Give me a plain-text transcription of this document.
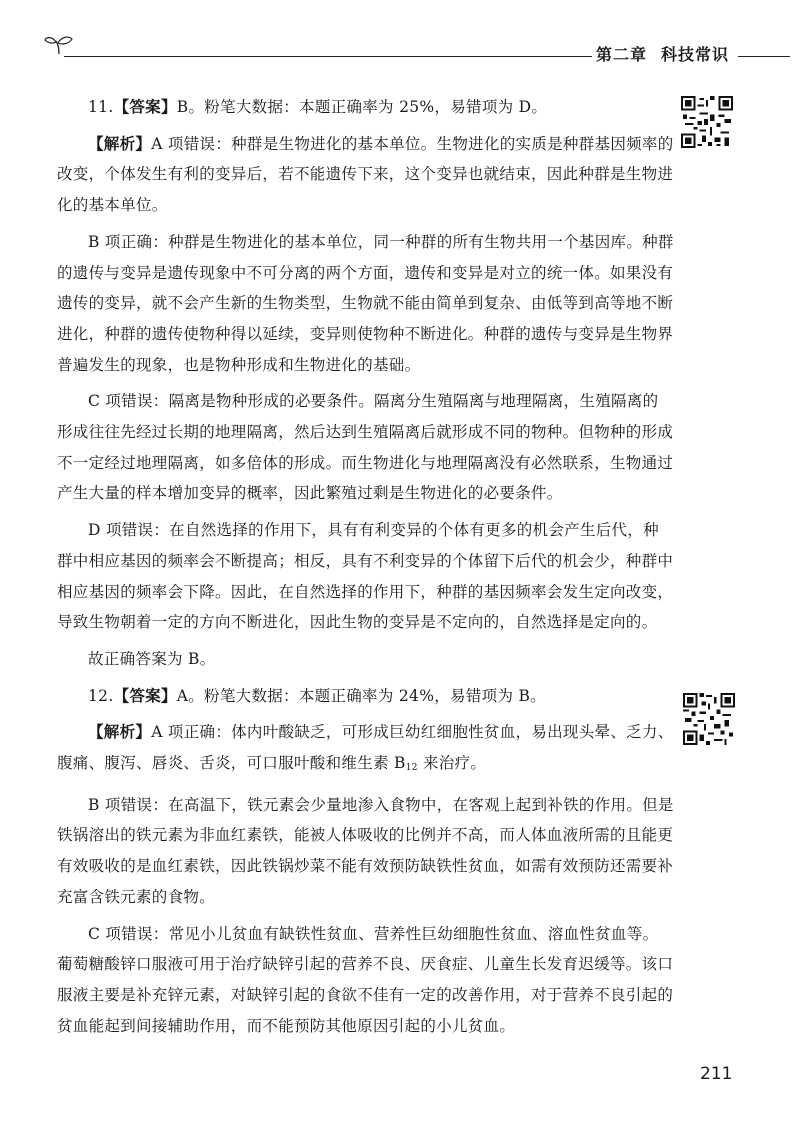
第二章 科技常识

11.【答案】B。粉笔大数据：本题正确率为 25%，易错项为 D。

【解析】A 项错误：种群是生物进化的基本单位。生物进化的实质是种群基因频率的改变，个体发生有利的变异后，若不能遗传下来，这个变异也就结束，因此种群是生物进化的基本单位。

B 项正确：种群是生物进化的基本单位，同一种群的所有生物共用一个基因库。种群的遗传与变异是遗传现象中不可分离的两个方面，遗传和变异是对立的统一体。如果没有遗传的变异，就不会产生新的生物类型，生物就不能由简单到复杂、由低等到高等地不断进化，种群的遗传使物种得以延续，变异则使物种不断进化。种群的遗传与变异是生物界普遍发生的现象，也是物种形成和生物进化的基础。

C 项错误：隔离是物种形成的必要条件。隔离分生殖隔离与地理隔离，生殖隔离的形成往往先经过长期的地理隔离，然后达到生殖隔离后就形成不同的物种。但物种的形成不一定经过地理隔离，如多倍体的形成。而生物进化与地理隔离没有必然联系，生物通过产生大量的样本增加变异的概率，因此繁殖过剩是生物进化的必要条件。

D 项错误：在自然选择的作用下，具有有利变异的个体有更多的机会产生后代，种群中相应基因的频率会不断提高；相反，具有不利变异的个体留下后代的机会少，种群中相应基因的频率会下降。因此，在自然选择的作用下，种群的基因频率会发生定向改变，导致生物朝着一定的方向不断进化，因此生物的变异是不定向的，自然选择是定向的。

故正确答案为 B。

12.【答案】A。粉笔大数据：本题正确率为 24%，易错项为 B。

【解析】A 项正确：体内叶酸缺乏，可形成巨幼红细胞性贫血，易出现头晕、乏力、腹痛、腹泻、唇炎、舌炎，可口服叶酸和维生素 $B_{12}$ 来治疗。

B 项错误：在高温下，铁元素会少量地渗入食物中，在客观上起到补铁的作用。但是铁锅溶出的铁元素为非血红素铁，能被人体吸收的比例并不高，而人体血液所需的且能更有效吸收的是血红素铁，因此铁锅炒菜不能有效预防缺铁性贫血，如需有效预防还需要补充富含铁元素的食物。

C 项错误：常见小儿贫血有缺铁性贫血、营养性巨幼细胞性贫血、溶血性贫血等。葡萄糖酸锌口服液可用于治疗缺锌引起的营养不良、厌食症、儿童生长发育迟缓等。该口服液主要是补充锌元素，对缺锌引起的食欲不佳有一定的改善作用，对于营养不良引起的贫血能起到间接辅助作用，而不能预防其他原因引起的小儿贫血。

211
